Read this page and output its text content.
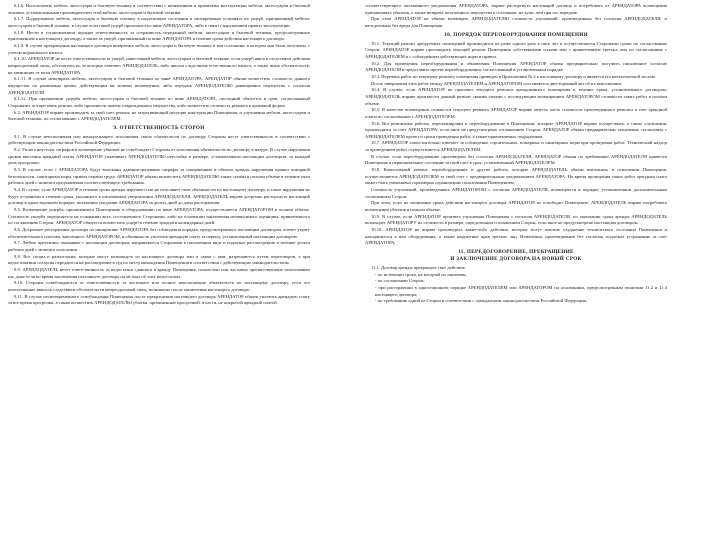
6.1.6. Использовать мебель, аксессуары и бытовую технику в соответствии с назначением и правилами эксплуатации мебели, аксессуаров и бытовой техники, установленными производителем этой мебели, аксессуаров и бытовой техники.

6.1.7. Поддерживать мебель, аксессуары и бытовую технику в надлежащем состоянии и своевременно устранять их ущерб, причиненный мебели, аксессуарам и бытовой технике, в случае если такой ущерб произошел по вине АРЕНДАТОРА, либо в связи с нарушением правил эксплуатации.

6.1.8. Нести в установленном порядке ответственность за сохранность переданной мебели, аксессуаров и бытовой техники, предусмотренных приложением к настоящему договору, а также за ущерб, причиненный по вине АРЕНДАТОРА в течение срока действия настоящего договора.

6.1.9. В случае прекращения настоящего договора возвратить мебель, аксессуары и бытовую технику в том состоянии, в котором они были получены, с учетом нормального износа.

6.1.10. АРЕНДАТОР не несет ответственности за ущерб, нанесенный мебели, аксессуарам и бытовой технике, если ущерб явился следствием действия непреодолимой силы, обстоятельств, за которые отвечает АРЕНДОДАТЕЛЬ, либо явился следствием естественного износа, а также иных обстоятельств, не зависящих от воли АРЕНДАТОРА.

6.1.11. В случае невозврата мебели, аксессуаров и бытовой техники по вине АРЕНДАТОРА, АРЕНДАТОР обязан возместить стоимость данного имущества по рыночным ценам, действующим на момент возмещения, либо передать АРЕНДОДАТЕЛЮ равноценное имущество с согласия АРЕНДОДАТЕЛЯ.

6.1.12. При причинении ущерба мебели, аксессуарам и бытовой технике по вине АРЕНДАТОРА, последний обязуется в срок, согласованный Сторонами, осуществить ремонт, либо произвести замену поврежденного имущества, либо возместить стоимость ремонта в денежной форме.

6.2. АРЕНДАТОР вправе производить за свой счет ремонт, не затрагивающий несущие конструкции Помещения, и улучшения мебели, аксессуаров и бытовой техники, по согласованию с АРЕНДОДАТЕЛЕМ.

9. ОТВЕТСТВЕННОСТЬ СТОРОН

9.1. В случае неисполнения или ненадлежащего исполнения своих обязательств по договору Стороны несут ответственность в соответствии с действующим законодательством Российской Федерации.

9.2. Уплата неустоек, штрафов и возмещение убытков не освобождает Стороны от исполнения обязательств по договору в натуре. В случае нарушения сроков внесения арендной платы АРЕНДАТОР уплачивает АРЕНДОДАТЕЛЮ неустойку в размере, установленном настоящим договором, за каждый день просрочки.

9.3. В случае, если с АРЕНДАТОРА будут взысканы административные штрафы за совершенные в объекте аренды нарушения правил пожарной безопасности, санитарных норм, правил охраны труда, АРЕНДАТОР обязан возместить АРЕНДОДАТЕЛЮ такие суммы в полном объеме в течение пяти рабочих дней с момента предъявления соответствующего требования.

9.4. В случае, если АРЕНДАТОР в течение срока аренды нарушает или не исполняет свои обязанности по настоящему договору, и такие нарушения не будут устранены в течение срока, указанного в письменном уведомлении АРЕНДОДАТЕЛЯ, АРЕНДОДАТЕЛЬ вправе досрочно расторгнуть настоящий договор в одностороннем порядке, письменно уведомив АРЕНДАТОРА за десять дней до даты расторжения.

9.5. Возмещение ущерба, причиненного Помещению и оборудованию по вине АРЕНДАТОРА, осуществляется АРЕНДАТОРОМ в полном объеме. Стоимость ущерба определяется на основании акта, составленного Сторонами, либо на основании заключения независимого оценщика, привлеченного по соглашению Сторон. АРЕНДАТОР обязуется возместить ущерб в течение тридцати календарных дней.

9.6. Досрочное расторжение договора по инициативе АРЕНДАТОРА без соблюдения порядка, предусмотренного настоящим договором, влечет утрату обеспечительного платежа, внесенного АРЕНДАТОРОМ, и обязанность уплатить арендную плату за период, установленный настоящим договором.

9.7. Любые претензии, связанные с настоящим договором, направляются Сторонами в письменном виде и подлежат рассмотрению в течение десяти рабочих дней с момента получения.

9.8. Все споры и разногласия, которые могут возникнуть из настоящего договора или в связи с ним, разрешаются путем переговоров, а при недостижении согласия передаются на рассмотрение в суд по месту нахождения Помещения в соответствии с действующим законодательством.

9.9. АРЕНДОДАТЕЛЬ несет ответственность за недостатки сданного в аренду Помещения, полностью или частично препятствующие пользованию им, даже если во время заключения настоящего договора он не знал об этих недостатках.

9.10. Стороны освобождаются от ответственности за частичное или полное неисполнение обязательств по настоящему договору, если это неисполнение явилось следствием обстоятельств непреодолимой силы, возникших после заключения настоящего договора.

9.11. В случае несвоевременного освобождения Помещения после прекращения настоящего договора АРЕНДАТОР обязан уплатить арендную плату за все время просрочки, а также возместить АРЕНДОДАТЕЛЮ убытки, причиненные просрочкой, в части, не покрытой арендной платой.

соответствующего письменного уведомления АРЕНДАТОРА, вправе расторгнуть настоящий договор и потребовать от АРЕНДАТОРА возмещения причиненных убытков, а также возврата полученного имущества в состоянии, не хуже, чем при его передаче.

При этом АРЕНДАТОР не обязан возмещать АРЕНДОДАТЕЛЮ стоимость улучшений, произведенных без согласия АРЕНДОДАТЕЛЯ, и неотделимых без вреда для Помещения.

10. ПОРЯДОК ПЕРЕОБОРУДОВАНИЯ ПОМЕЩЕНИЯ

10.1. Текущий ремонт арендуемых помещений производится не реже одного раза в пять лет и осуществляется Сторонами сроки по согласованию Сторон. АРЕНДАТОР вправе производить текущий ремонт Помещения собственными силами или с привлечением третьих лиц по согласованию с АРЕНДОДАТЕЛЕМ и с соблюдением действующих норм и правил.

10.2. Для проведения переоборудования и обновления Помещения АРЕНДАТОР обязан предварительно получить письменное согласие АРЕНДОДАТЕЛЯ и представить проект переоборудования, согласованный в установленном порядке.

10.3. Перечень работ по текущему ремонту помещения приведен в Приложении № 2 к настоящему договору и является его неотъемлемой частью.

После завершения этих работ между АРЕНДОДАТЕЛЕМ и АРЕНДАТОРОМ составляется двусторонний акт об их выполнении.

10.4. В случае, если АРЕНДАТОР не произвел текущего ремонта арендованного помещения в течение срока, установленного договором, АРЕНДОДАТЕЛЬ вправе произвести данный ремонт своими силами с последующим возмещением АРЕНДАТОРОМ стоимости таких работ в полном объеме.

10.5. В качестве возмещения стоимости текущего ремонта АРЕНДАТОР вправе зачесть часть стоимости произведенного ремонта в счет арендной платы по согласованию с АРЕНДОДАТЕЛЕМ.

10.6. Все ремонтные работы, перепланировка и переоборудование в Помещении, которые АРЕНДАТОР вправе осуществить, а также улучшения, производятся за счет АРЕНДАТОРА, если иное не предусмотрено соглашением Сторон. АРЕНДАТОР обязан предварительно письменно согласовать с АРЕНДОДАТЕЛЕМ проект и сроки проведения работ, а также привлекаемых подрядчиков.

10.7. АРЕНДАТОР самостоятельно отвечает за соблюдение строительных, пожарных и санитарных норм при проведении работ. Технический надзор за проведением работ осуществляется АРЕНДОДАТЕЛЕМ.

В случае, если переоборудование произведено без согласия АРЕНДОДАТЕЛЯ, АРЕНДАТОР обязан по требованию АРЕНДОДАТЕЛЯ привести Помещение в первоначальное состояние за свой счет в срок, установленный АРЕНДОДАТЕЛЕМ.

10.8. Капитальный ремонт, переоборудование и другие работы, которые АРЕНДОДАТЕЛЬ обязан выполнить в отношении Помещения, осуществляются АРЕНДОДАТЕЛЕМ за свой счет с предварительным уведомлением АРЕНДАТОРА. На время проведения таких работ арендная плата может быть уменьшена соразмерно ограничению пользования Помещением.

Стоимость улучшений, произведенных АРЕНДАТОРОМ с согласия АРЕНДОДАТЕЛЯ, возмещается в порядке, установленном дополнительным соглашением Сторон.

При этом, если по окончании срока действия настоящего договора АРЕНДАТОР не освободит Помещение, АРЕНДОДАТЕЛЬ вправе потребовать возмещения убытков в полном объеме.

10.9. В случае, если АРЕНДАТОР произвел улучшения Помещения с согласия АРЕНДОДАТЕЛЯ, по окончании срока аренды АРЕНДОДАТЕЛЬ возмещает АРЕНДАТОРУ их стоимость в размере, определенном соглашением Сторон, если иное не предусмотрено настоящим договором.

10.10. АРЕНДАТОР не вправе производить какие-либо действия, которые могут повлечь ухудшение технического состояния Помещения и находящегося в нем оборудования, а также нарушение прав третьих лиц. Изменения, произведенные без согласия, подлежат устранению за счет АРЕНДАТОРА.

11. ПЕРЕДОГОВОРЕНИЕ, ПРЕКРАЩЕНИЕ
И ЗАКЛЮЧЕНИЕ ДОГОВОРА НА НОВЫЙ СРОК

11.1. Договор аренды прекращает свое действие:

- по истечении срока, на который он заключен;
- по соглашению Сторон;
- при расторжении в одностороннем порядке АРЕНДОДАТЕЛЕМ или АРЕНДАТОРОМ по основаниям, предусмотренным пунктами 11.2 и 11.4 настоящего договора;
- по требованию одной из Сторон в соответствии с гражданским законодательством Российской Федерации.
